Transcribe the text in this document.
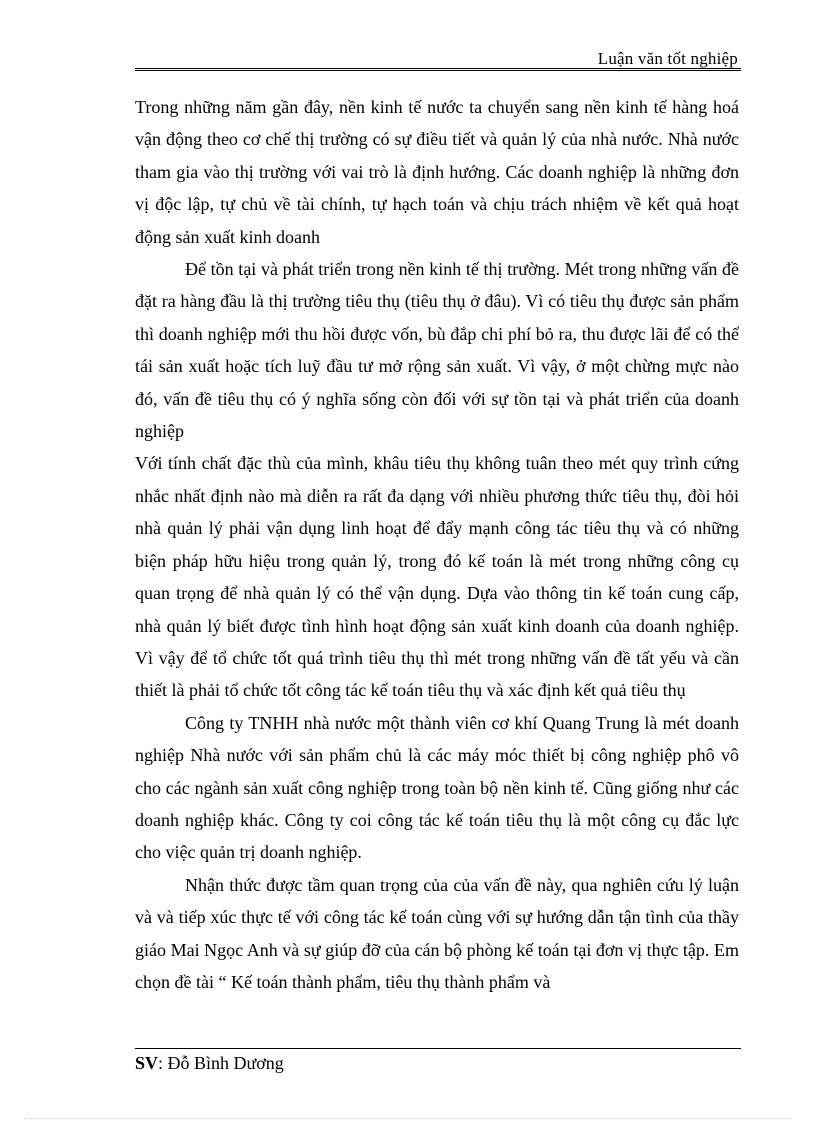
Luận văn tốt nghiệp

Trong những năm gần đây, nền kinh tế nước ta chuyển sang nền kinh tế hàng hoá vận động theo cơ chế thị trường có sự điều tiết và quản lý của nhà nước. Nhà nước tham gia vào thị trường với vai trò là định hướng. Các doanh nghiệp là những đơn vị độc lập, tự chủ về tài chính, tự hạch toán và chịu trách nhiệm về kết quả hoạt động sản xuất kinh doanh

Để tồn tại và phát triển trong nền kinh tế thị trường. Mét trong những vấn đề đặt ra hàng đầu là thị trường tiêu thụ (tiêu thụ ở đâu). Vì có tiêu thụ được sản phẩm thì doanh nghiệp mới thu hồi được vốn, bù đắp chi phí bỏ ra, thu được lãi để có thể tái sản xuất hoặc tích luỹ đầu tư mở rộng sản xuất. Vì vậy, ở một chừng mực nào đó, vấn đề tiêu thụ có ý nghĩa sống còn đối với sự tồn tại và phát triển của doanh nghiệp

Với tính chất đặc thù của mình, khâu tiêu thụ không tuân theo mét quy trình cứng nhắc nhất định nào mà diễn ra rất đa dạng với nhiều phương thức tiêu thụ, đòi hỏi nhà quản lý phải vận dụng linh hoạt để đẩy mạnh công tác tiêu thụ và có những biện pháp hữu hiệu trong quản lý, trong đó kế toán là mét trong những công cụ quan trọng để nhà quản lý có thể vận dụng. Dựa vào thông tin kế toán cung cấp, nhà quản lý biết được tình hình hoạt động sản xuất kinh doanh của doanh nghiệp. Vì vậy để tổ chức tốt quá trình tiêu thụ thì mét trong những vấn đề tất yếu và cần thiết là phải tổ chức tốt công tác kế toán tiêu thụ và xác định kết quả tiêu thụ

Công ty TNHH nhà nước một thành viên cơ khí Quang Trung là mét doanh nghiệp Nhà nước với sản phẩm chủ là các máy móc thiết bị công nghiệp phô vô cho các ngành sản xuất công nghiệp trong toàn bộ nền kinh tế. Cũng giống như các doanh nghiệp khác. Công ty coi công tác kế toán tiêu thụ là một công cụ đắc lực cho việc quản trị doanh nghiệp.

Nhận thức được tầm quan trọng của của vấn đề này, qua nghiên cứu lý luận và và tiếp xúc thực tế với công tác kế toán cùng với sự hướng dẫn tận tình của thầy giáo Mai Ngọc Anh và sự giúp đỡ của cán bộ phòng kế toán tại đơn vị thực tập. Em chọn đề tài “ Kế toán thành phẩm, tiêu thụ thành phẩm và

SV: Đỗ Bình Dương
